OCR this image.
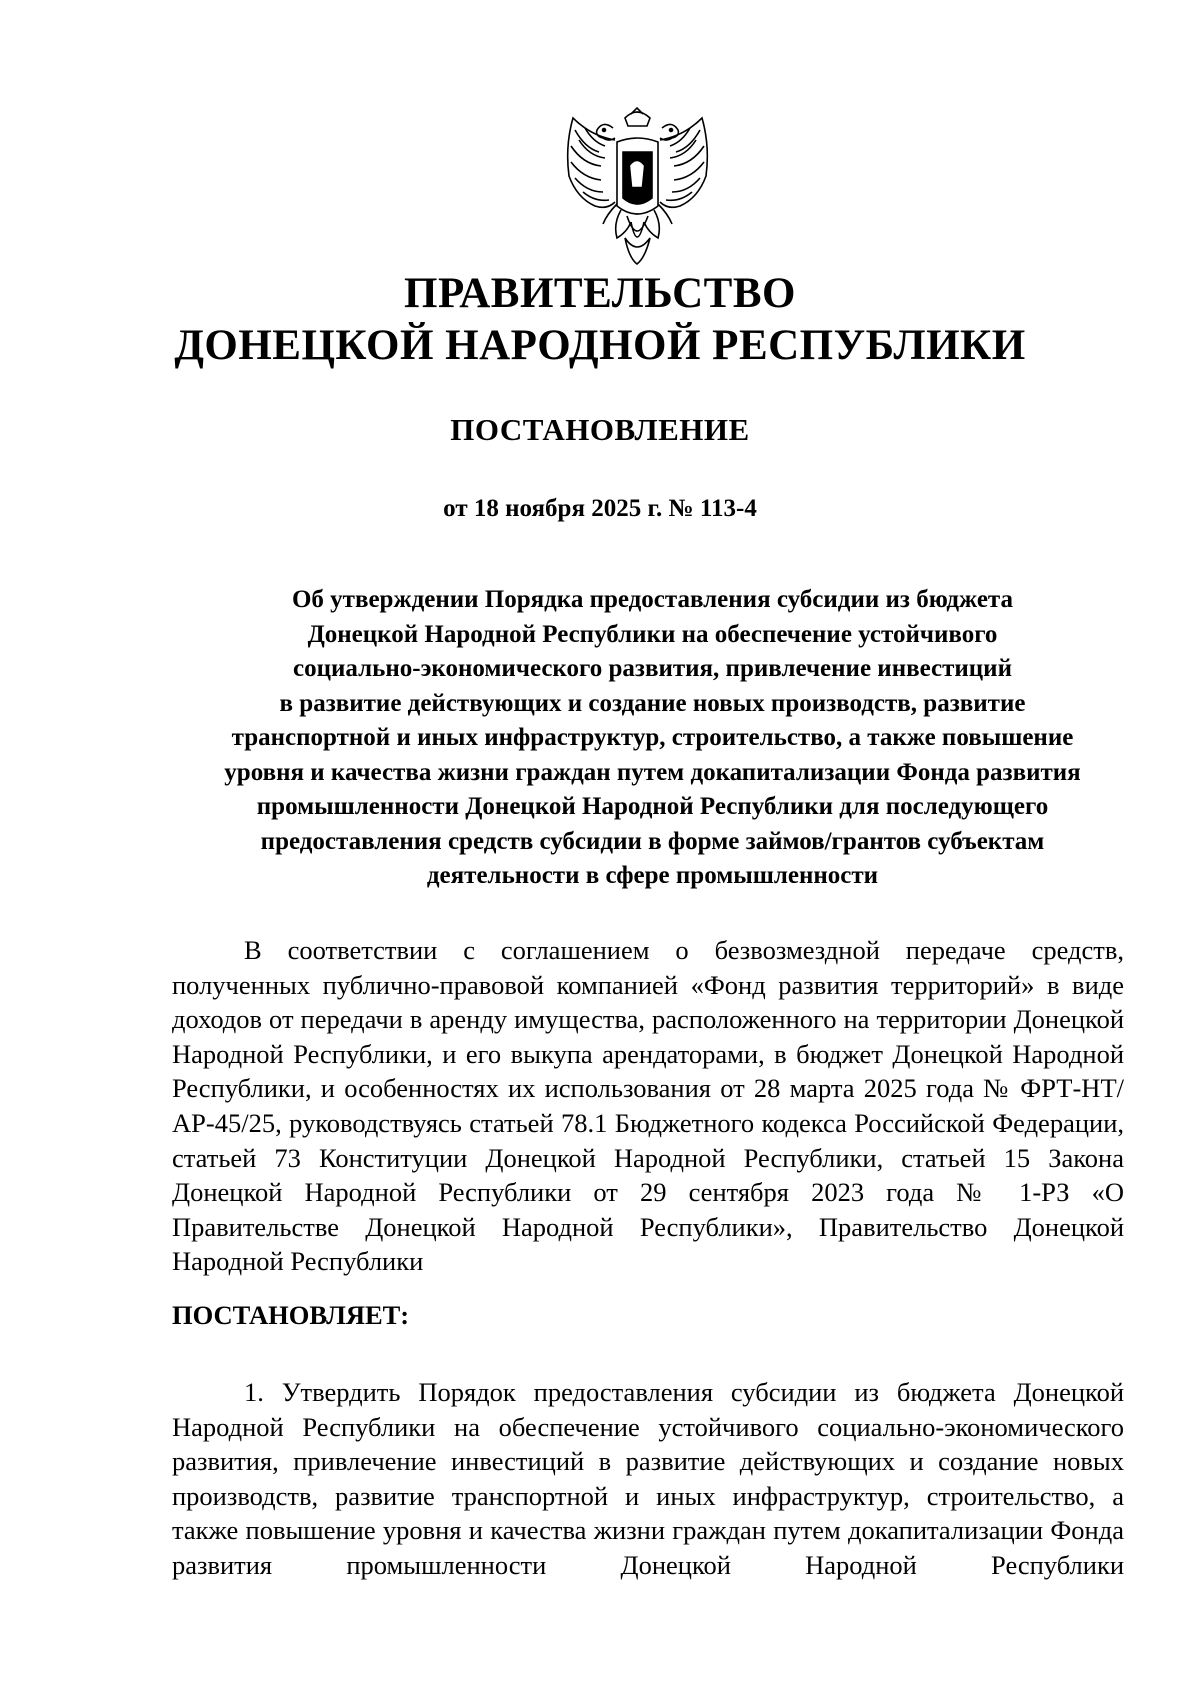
ПРАВИТЕЛЬСТВО
ДОНЕЦКОЙ НАРОДНОЙ РЕСПУБЛИКИ
ПОСТАНОВЛЕНИЕ
от 18 ноября 2025 г. № 113-4
Об утверждении Порядка предоставления субсидии из бюджета
Донецкой Народной Республики на обеспечение устойчивого
социально-экономического развития, привлечение инвестиций
в развитие действующих и создание новых производств, развитие
транспортной и иных инфраструктур, строительство, а также повышение
уровня и качества жизни граждан путем докапитализации Фонда развития
промышленности Донецкой Народной Республики для последующего
предоставления средств субсидии в форме займов/грантов субъектам
деятельности в сфере промышленности

В соответствии с соглашением о безвозмездной передаче средств, полученных публично-правовой компанией «Фонд развития территорий» в виде доходов от передачи в аренду имущества, расположенного на территории Донецкой Народной Республики, и его выкупа арендаторами, в бюджет Донецкой Народной Республики, и особенностях их использования от 28 марта 2025 года № ФРТ-НТ/АР-45/25, руководствуясь статьей 78.1 Бюджетного кодекса Российской Федерации, статьей 73 Конституции Донецкой Народной Республики, статьей 15 Закона Донецкой Народной Республики от 29 сентября 2023 года № 1-РЗ «О Правительстве Донецкой Народной Республики», Правительство Донецкой Народной Республики

ПОСТАНОВЛЯЕТ:

1. Утвердить Порядок предоставления субсидии из бюджета Донецкой Народной Республики на обеспечение устойчивого социально-экономического развития, привлечение инвестиций в развитие действующих и создание новых производств, развитие транспортной и иных инфраструктур, строительство, а также повышение уровня и качества жизни граждан путем докапитализации Фонда развития промышленности Донецкой Народной Республики
